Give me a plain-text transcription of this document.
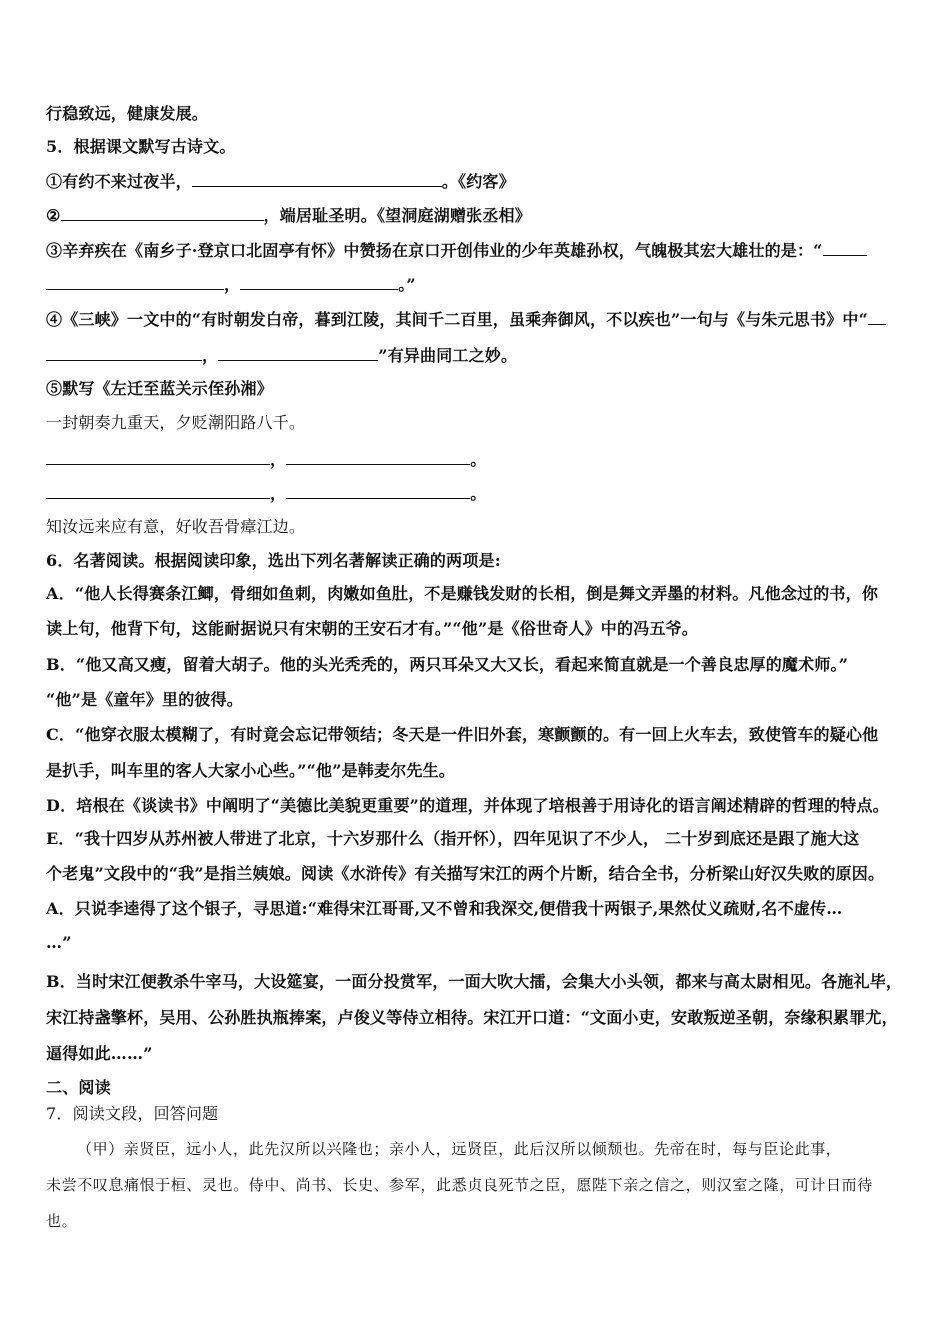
行稳致远，健康发展。
5．根据课文默写古诗文。
①有约不来过夜半，	。《约客》
②	，端居耻圣明。《望洞庭湖赠张丞相》
③辛弃疾在《南乡子·登京口北固亭有怀》中赞扬在京口开创伟业的少年英雄孙权，气魄极其宏大雄壮的是：“
，	。”
④《三峡》一文中的“有时朝发白帝，暮到江陵，其间千二百里，虽乘奔御风，不以疾也”一句与《与朱元思书》中“
，	”有异曲同工之妙。
⑤默写《左迁至蓝关示侄孙湘》
一封朝奏九重天，夕贬潮阳路八千。
，	。
，	。
知汝远来应有意，好收吾骨瘴江边。
6．名著阅读。根据阅读印象，选出下列名著解读正确的两项是:
A．“他人长得赛条江鲫，骨细如鱼刺，肉嫩如鱼肚，不是赚钱发财的长相，倒是舞文弄墨的材料。凡他念过的书，你
读上句，他背下句，这能耐据说只有宋朝的王安石才有。”“他”是《俗世奇人》中的冯五爷。
B．“他又高又瘦，留着大胡子。他的头光秃秃的，两只耳朵又大又长，看起来简直就是一个善良忠厚的魔术师。”
“他”是《童年》里的彼得。
C．“他穿衣服太模糊了，有时竟会忘记带领结；冬天是一件旧外套，寒颤颤的。有一回上火车去，致使管车的疑心他
是扒手，叫车里的客人大家小心些。”“他”是韩麦尔先生。
D．培根在《谈读书》中阐明了“美德比美貌更重要”的道理，并体现了培根善于用诗化的语言阐述精辟的哲理的特点。
E．“我十四岁从苏州被人带进了北京，十六岁那什么（指开怀），四年见识了不少人， 二十岁到底还是跟了施大这
个老鬼”文段中的“我”是指兰姨娘。阅读《水浒传》有关描写宋江的两个片断，结合全书，分析梁山好汉失败的原因。
A．只说李逵得了这个银子，寻思道:“难得宋江哥哥,又不曾和我深交,便借我十两银子,果然仗义疏财,名不虚传…
…”
B．当时宋江便教杀牛宰马，大设筵宴，一面分投赏军，一面大吹大擂，会集大小头领，都来与高太尉相见。各施礼毕，
宋江持盏擎杯，吴用、公孙胜执瓶捧案，卢俊义等侍立相待。宋江开口道：“文面小吏，安敢叛逆圣朝，奈缘积累罪尤，
逼得如此……”
二、阅读
7．阅读文段，回答问题
（甲）亲贤臣，远小人，此先汉所以兴隆也；亲小人，远贤臣，此后汉所以倾颓也。先帝在时，每与臣论此事，
未尝不叹息痛恨于桓、灵也。侍中、尚书、长史、参军，此悉贞良死节之臣，愿陛下亲之信之，则汉室之隆，可计日而待
也。
